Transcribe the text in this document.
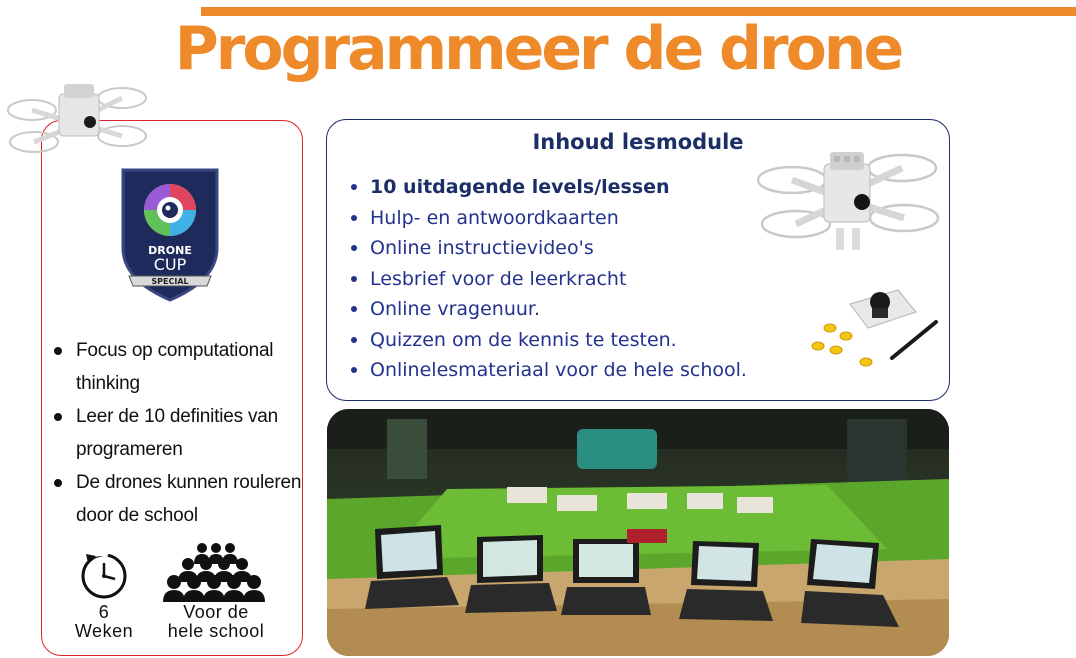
Programmeer de drone
DRONE
CUP
SPECIAL
Focus op computational thinking
Leer de 10 definities van programeren
De drones kunnen rouleren door de school
6
Weken
Voor de
hele school
Inhoud lesmodule
10 uitdagende levels/lessen
Hulp- en antwoordkaarten
Online instructievideo's
Lesbrief voor de leerkracht
Online vragenuur.
Quizzen om de kennis te testen.
Onlinelesmateriaal voor de hele school.
